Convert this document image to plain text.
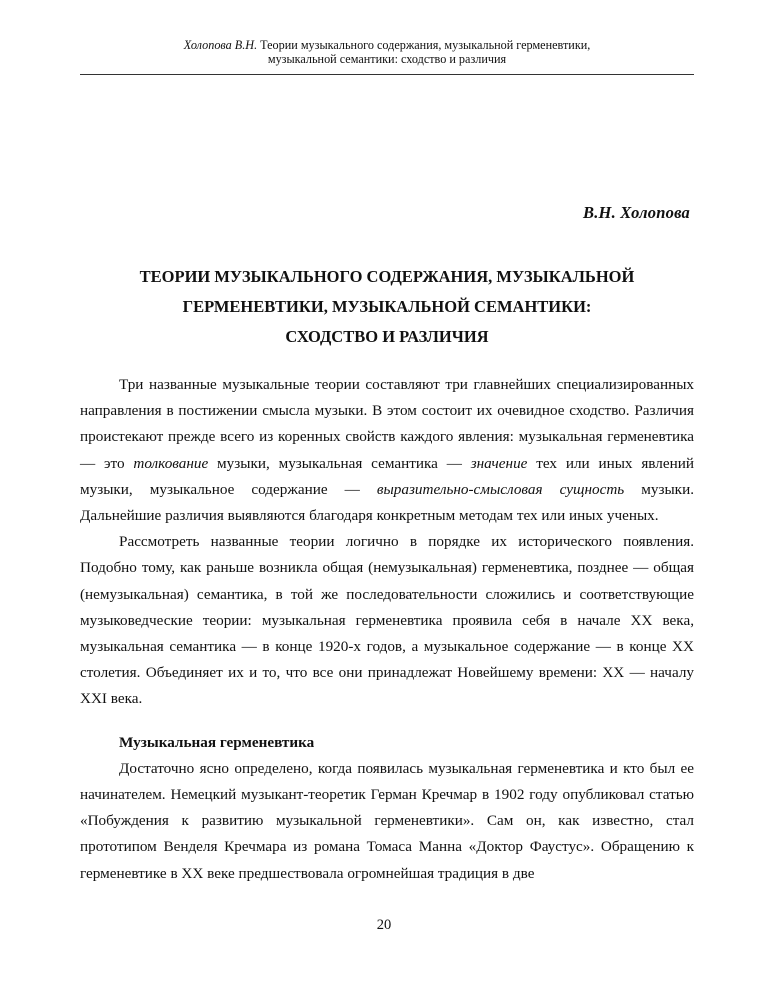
Холопова В.Н. Теории музыкального содержания, музыкальной герменевтики,
музыкальной семантики: сходство и различия
В.Н. Холопова
ТЕОРИИ МУЗЫКАЛЬНОГО СОДЕРЖАНИЯ, МУЗЫКАЛЬНОЙ
ГЕРМЕНЕВТИКИ, МУЗЫКАЛЬНОЙ СЕМАНТИКИ:
СХОДСТВО И РАЗЛИЧИЯ

Три названные музыкальные теории составляют три главнейших специализированных направления в постижении смысла музыки. В этом состоит их очевидное сходство. Различия проистекают прежде всего из коренных свойств каждого явления: музыкальная герменевтика — это толкование музыки, музыкальная семантика — значение тех или иных явлений музыки, музыкальное содержание — выразительно-смысловая сущность музыки. Дальнейшие различия выявляются благодаря конкретным методам тех или иных ученых.

Рассмотреть названные теории логично в порядке их исторического появления. Подобно тому, как раньше возникла общая (немузыкальная) герменевтика, позднее — общая (немузыкальная) семантика, в той же последовательности сложились и соответствующие музыковедческие теории: музыкальная герменевтика проявила себя в начале XX века, музыкальная семантика — в конце 1920-х годов, а музыкальное содержание — в конце XX столетия. Объединяет их и то, что все они принадлежат Новейшему времени: XX — началу XXI века.

Музыкальная герменевтика

Достаточно ясно определено, когда появилась музыкальная герменевтика и кто был ее начинателем. Немецкий музыкант-теоретик Герман Кречмар в 1902 году опубликовал статью «Побуждения к развитию музыкальной герменевтики». Сам он, как известно, стал прототипом Венделя Кречмара из романа Томаса Манна «Доктор Фаустус». Обращению к герменевтике в XX веке предшествовала огромнейшая традиция в две

20
